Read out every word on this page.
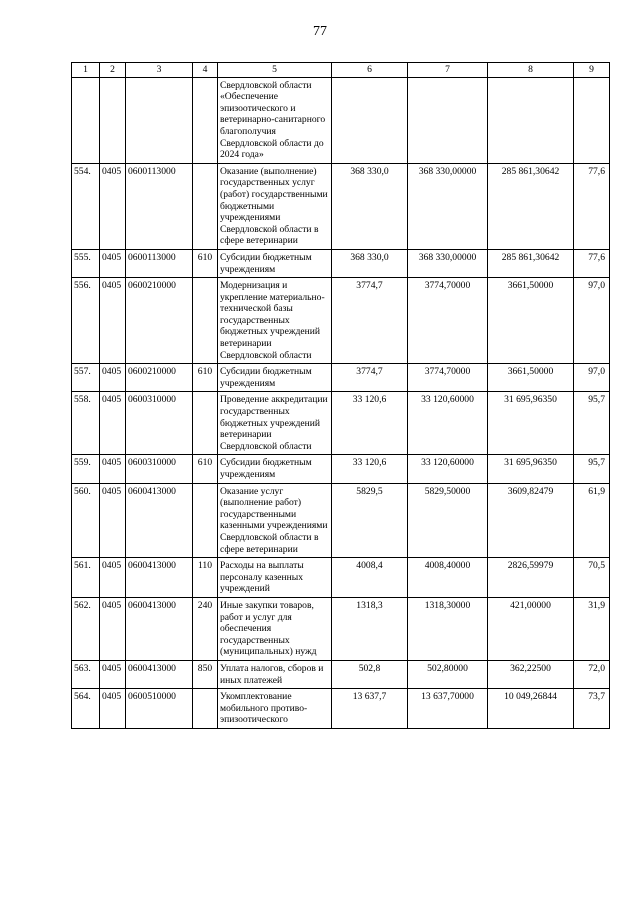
77
1	2	3	4	5	6	7	8	9
				Свердловской области «Обеспечение эпизоотического и ветеринарно-санитарного благополучия Свердловской области до 2024 года»				
554.	0405	0600113000		Оказание (выполнение) государственных услуг (работ) государственными бюджетными учреждениями Свердловской области в сфере ветеринарии	368 330,0	368 330,00000	285 861,30642	77,6
555.	0405	0600113000	610	Субсидии бюджетным учреждениям	368 330,0	368 330,00000	285 861,30642	77,6
556.	0405	0600210000		Модернизация и укрепление материально-технической базы государственных бюджетных учреждений ветеринарии Свердловской области	3774,7	3774,70000	3661,50000	97,0
557.	0405	0600210000	610	Субсидии бюджетным учреждениям	3774,7	3774,70000	3661,50000	97,0
558.	0405	0600310000		Проведение аккредитации государственных бюджетных учреждений ветеринарии Свердловской области	33 120,6	33 120,60000	31 695,96350	95,7
559.	0405	0600310000	610	Субсидии бюджетным учреждениям	33 120,6	33 120,60000	31 695,96350	95,7
560.	0405	0600413000		Оказание услуг (выполнение работ) государственными казенными учреждениями Свердловской области в сфере ветеринарии	5829,5	5829,50000	3609,82479	61,9
561.	0405	0600413000	110	Расходы на выплаты персоналу казенных учреждений	4008,4	4008,40000	2826,59979	70,5
562.	0405	0600413000	240	Иные закупки товаров, работ и услуг для обеспечения государственных (муниципальных) нужд	1318,3	1318,30000	421,00000	31,9
563.	0405	0600413000	850	Уплата налогов, сборов и иных платежей	502,8	502,80000	362,22500	72,0
564.	0405	0600510000		Укомплектование мобильного противо-эпизоотического	13 637,7	13 637,70000	10 049,26844	73,7
